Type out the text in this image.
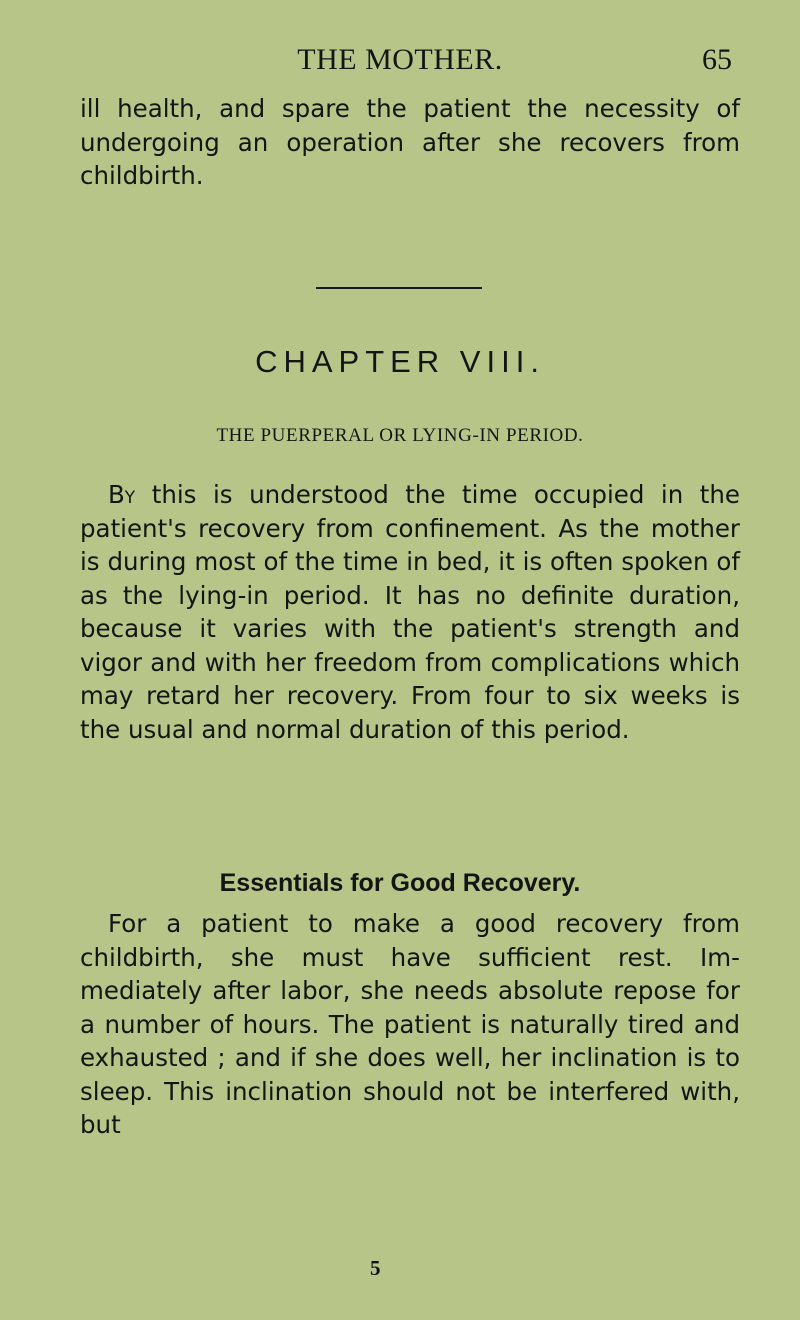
THE MOTHER.	65

ill health, and spare the patient the necessity of undergoing an operation after she recovers from childbirth.

CHAPTER VIII.
THE PUERPERAL OR LYING-IN PERIOD.

By this is understood the time occupied in the patient's recovery from confinement. As the mother is during most of the time in bed, it is often spoken of as the lying-in period. It has no definite duration, because it varies with the patient's strength and vigor and with her freedom from complications which may retard her recovery. From four to six weeks is the usual and normal duration of this period.

Essentials for Good Recovery.

For a patient to make a good recovery from childbirth, she must have sufficient rest. Im-mediately after labor, she needs absolute repose for a number of hours. The patient is naturally tired and exhausted ; and if she does well, her inclination is to sleep. This inclination should not be interfered with, but

5
